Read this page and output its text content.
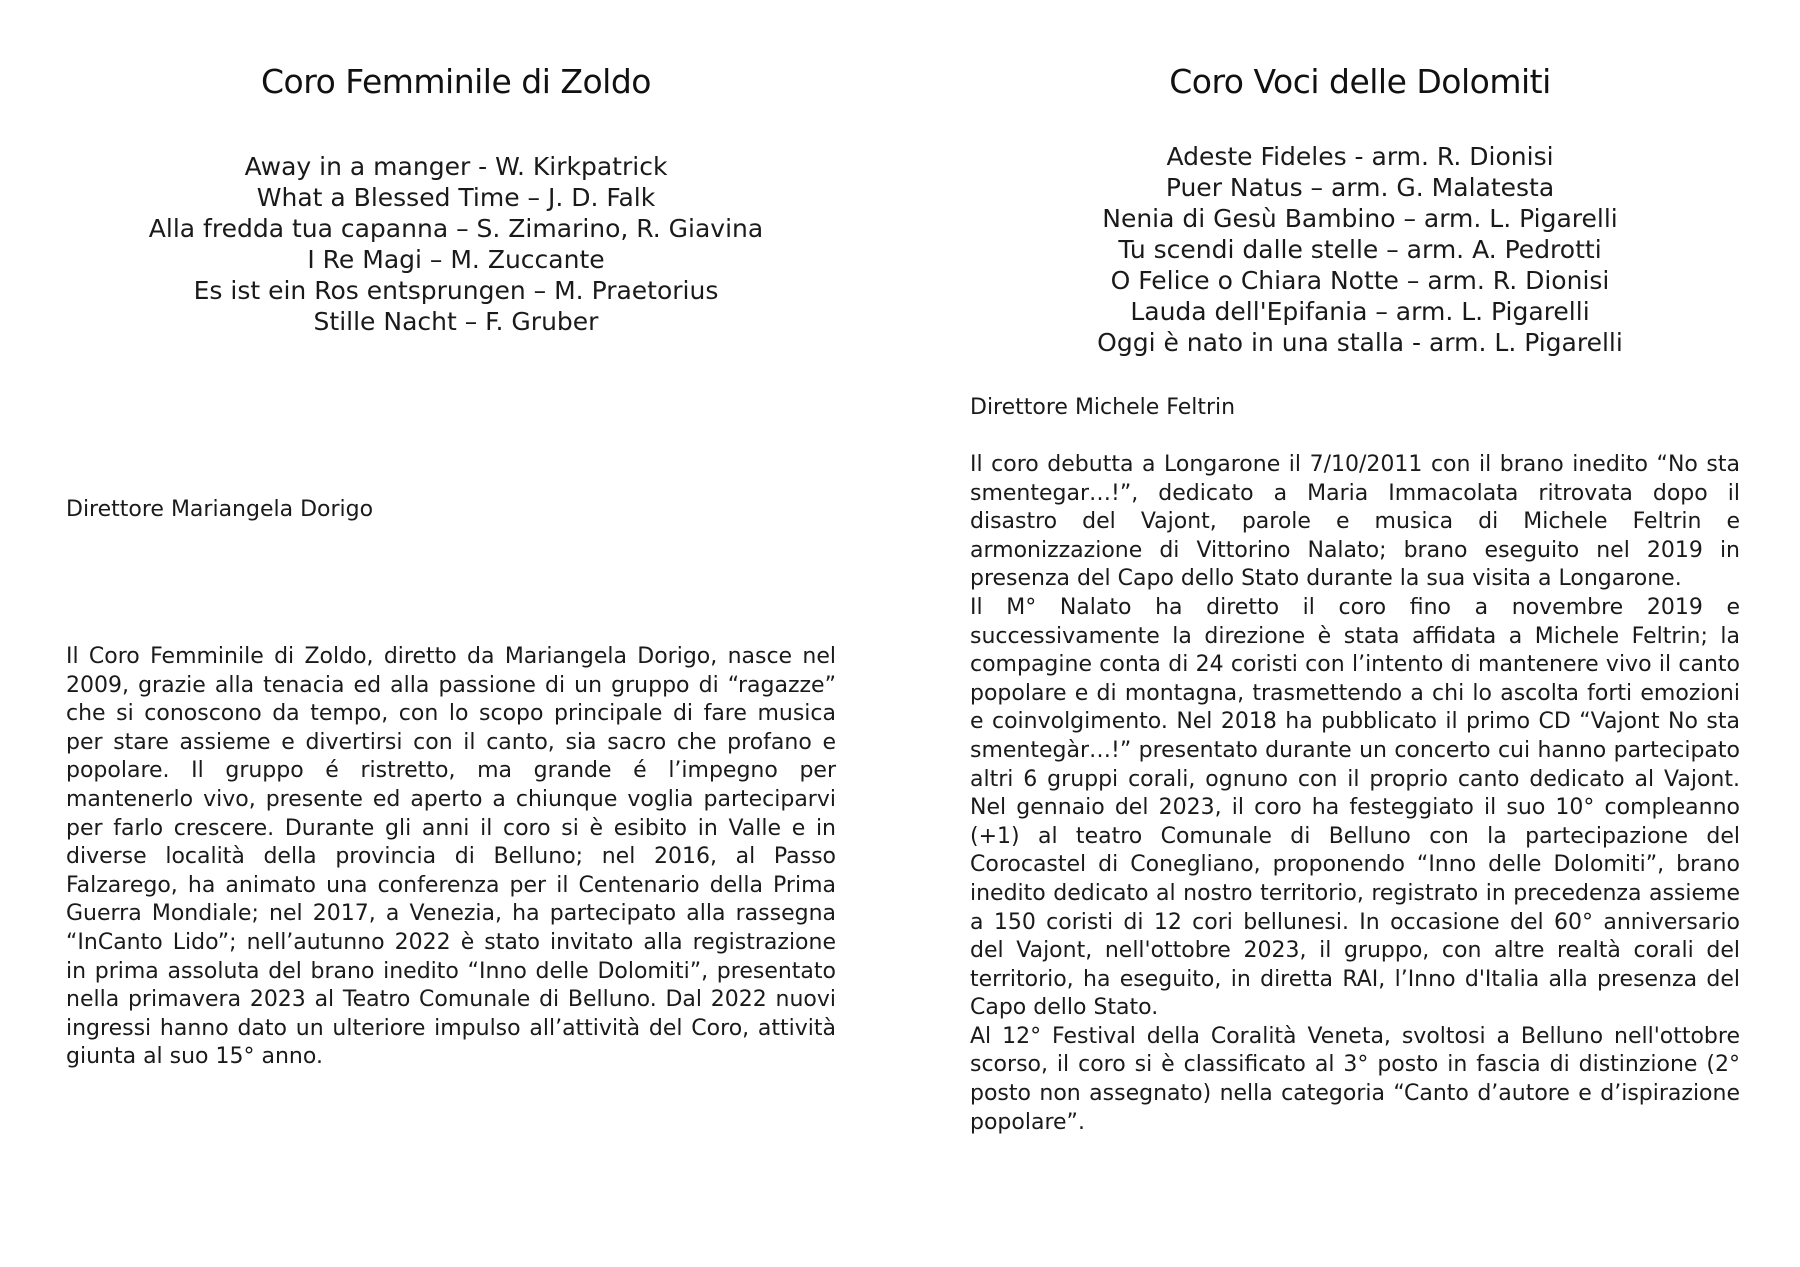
Coro Femminile di Zoldo
Away in a manger - W. Kirkpatrick
What a Blessed Time – J. D. Falk
Alla fredda tua capanna – S. Zimarino, R. Giavina
I Re Magi – M. Zuccante
Es ist ein Ros entsprungen – M. Praetorius
Stille Nacht – F. Gruber
Direttore Mariangela Dorigo

Il Coro Femminile di Zoldo, diretto da Mariangela Dorigo, nasce nel 2009, grazie alla tenacia ed alla passione di un gruppo di “ragazze” che si conoscono da tempo, con lo scopo principale di fare musica per stare assieme e divertirsi con il canto, sia sacro che profano e popolare. Il gruppo é ristretto, ma grande é l’impegno per mantenerlo vivo, presente ed aperto a chiunque voglia parteciparvi per farlo crescere. Durante gli anni il coro si è esibito in Valle e in diverse località della provincia di Belluno; nel 2016, al Passo Falzarego, ha animato una conferenza per il Centenario della Prima Guerra Mondiale; nel 2017, a Venezia, ha partecipato alla rassegna “InCanto Lido”; nell’autunno 2022 è stato invitato alla registrazione in prima assoluta del brano inedito “Inno delle Dolomiti”, presentato nella primavera 2023 al Teatro Comunale di Belluno. Dal 2022 nuovi ingressi hanno dato un ulteriore impulso all’attività del Coro, attività giunta al suo 15° anno.

Coro Voci delle Dolomiti
Adeste Fideles - arm. R. Dionisi
Puer Natus – arm. G. Malatesta
Nenia di Gesù Bambino – arm. L. Pigarelli
Tu scendi dalle stelle – arm. A. Pedrotti
O Felice o Chiara Notte – arm. R. Dionisi
Lauda dell'Epifania – arm. L. Pigarelli
Oggi è nato in una stalla - arm. L. Pigarelli
Direttore Michele Feltrin

Il coro debutta a Longarone il 7/10/2011 con il brano inedito “No sta smentegar…!”, dedicato a Maria Immacolata ritrovata dopo il disastro del Vajont, parole e musica di Michele Feltrin e armonizzazione di Vittorino Nalato; brano eseguito nel 2019 in presenza del Capo dello Stato durante la sua visita a Longarone.

Il M° Nalato ha diretto il coro fino a novembre 2019 e successivamente la direzione è stata affidata a Michele Feltrin; la compagine conta di 24 coristi con l’intento di mantenere vivo il canto popolare e di montagna, trasmettendo a chi lo ascolta forti emozioni e coinvolgimento. Nel 2018 ha pubblicato il primo CD “Vajont No sta smentegàr…!” presentato durante un concerto cui hanno partecipato altri 6 gruppi corali, ognuno con il proprio canto dedicato al Vajont. Nel gennaio del 2023, il coro ha festeggiato il suo 10° compleanno (+1) al teatro Comunale di Belluno con la partecipazione del Corocastel di Conegliano, proponendo “Inno delle Dolomiti”, brano inedito dedicato al nostro territorio, registrato in precedenza assieme a 150 coristi di 12 cori bellunesi. In occasione del 60° anniversario del Vajont, nell'ottobre 2023, il gruppo, con altre realtà corali del territorio, ha eseguito, in diretta RAI, l’Inno d'Italia alla presenza del Capo dello Stato.

Al 12° Festival della Coralità Veneta, svoltosi a Belluno nell'ottobre scorso, il coro si è classificato al 3° posto in fascia di distinzione (2° posto non assegnato) nella categoria “Canto d’autore e d’ispirazione popolare”.
